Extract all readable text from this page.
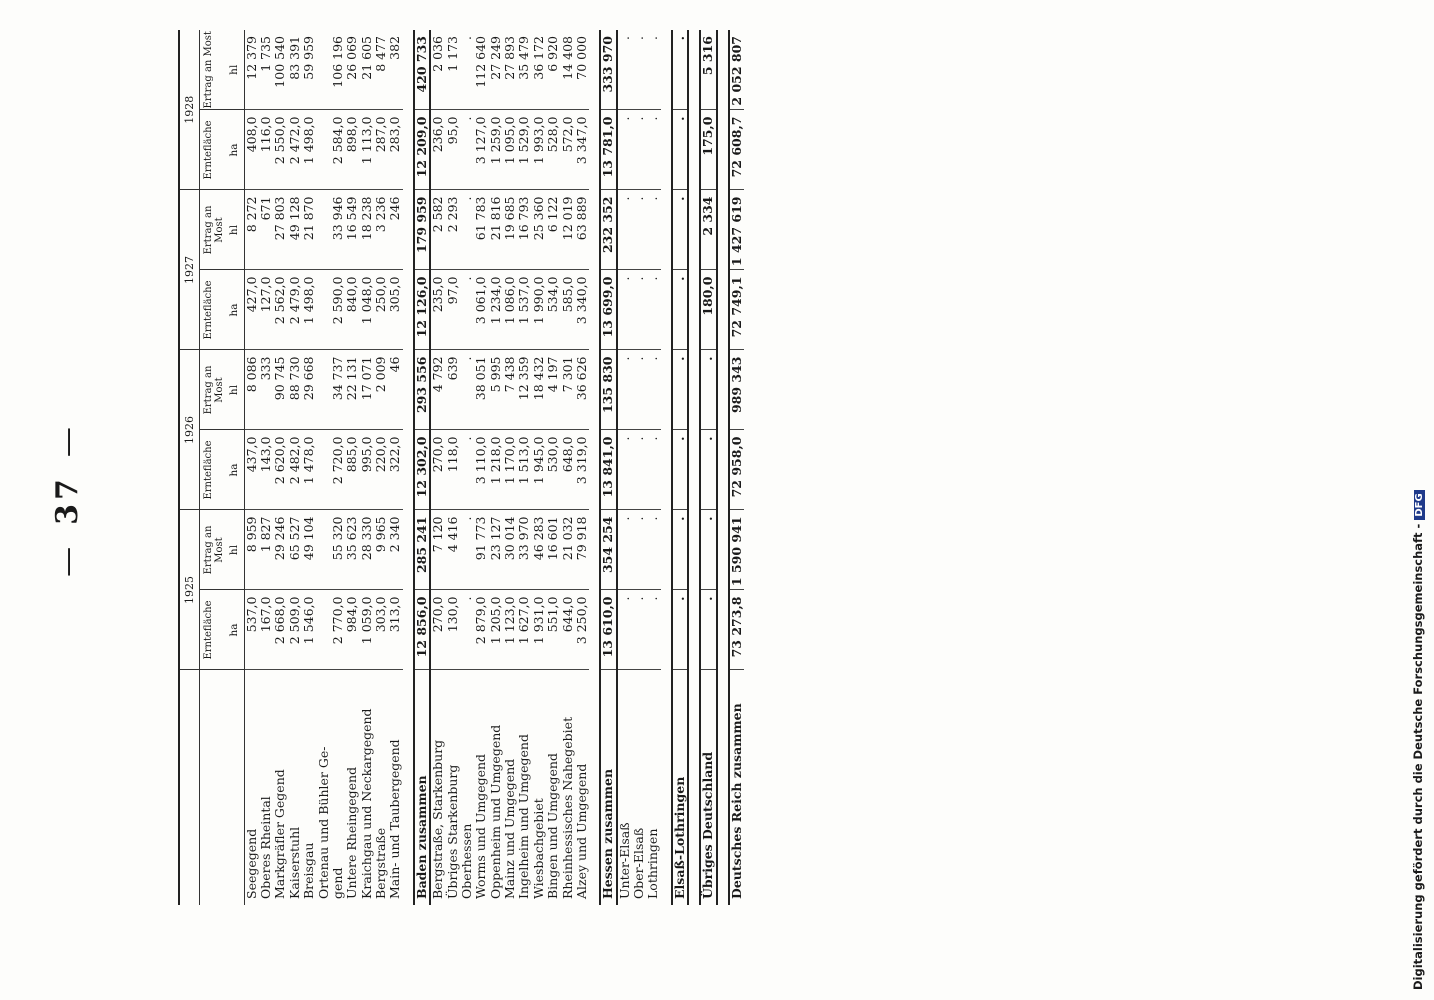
—37—
	1925		1926		1927		1928	
	Erntefläche	Ertrag an Most	Erntefläche	Ertrag an Most	Erntefläche	Ertrag an Most	Erntefläche	Ertrag an Most
	ha	hl	ha	hl	ha	hl	ha	hl
Seegegend	537,0	8 959	437,0	8 086	427,0	8 272	408,0	12 379
Oberes Rheintal	167,0	1 827	143,0	333	127,0	671	116,0	1 735
Markgräfler Gegend	2 668,0	29 246	2 620,0	90 745	2 562,0	27 803	2 550,0	100 540
Kaiserstuhl	2 509,0	65 527	2 482,0	88 730	2 479,0	49 128	2 472,0	83 391
Breisgau	1 546,0	49 104	1 478,0	29 668	1 498,0	21 870	1 498,0	59 959
Ortenau und Bühler Ge-								
gend	2 770,0	55 320	2 720,0	34 737	2 590,0	33 946	2 584,0	106 196
Untere Rheingegend	984,0	35 623	885,0	22 131	840,0	16 549	898,0	26 069
Kraichgau und Neckargegend	1 059,0	28 330	995,0	17 071	1 048,0	18 238	1 113,0	21 605
Bergstraße	303,0	9 965	220,0	2 009	250,0	3 236	287,0	8 477
Main- und Taubergegend	313,0	2 340	322,0	46	305,0	246	283,0	382

Baden zusammen	12 856,0	285 241	12 302,0	293 556	12 126,0	179 959	12 209,0	420 733
Bergstraße, Starkenburg	270,0	7 120	270,0	4 792	235,0	2 582	236,0	2 036
Übriges Starkenburg	130,0	4 416	118,0	639	97,0	2 293	95,0	1 173
Oberhessen	.	.	.	.	.	.	.	.
Worms und Umgegend	2 879,0	91 773	3 110,0	38 051	3 061,0	61 783	3 127,0	112 640
Oppenheim und Umgegend	1 205,0	23 127	1 218,0	5 995	1 234,0	21 816	1 259,0	27 249
Mainz und Umgegend	1 123,0	30 014	1 170,0	7 438	1 086,0	19 685	1 095,0	27 893
Ingelheim und Umgegend	1 627,0	33 970	1 513,0	12 359	1 537,0	16 793	1 529,0	35 479
Wiesbachgebiet	1 931,0	46 283	1 945,0	18 432	1 990,0	25 360	1 993,0	36 172
Bingen und Umgegend	551,0	16 601	530,0	4 197	534,0	6 122	528,0	6 920
Rheinhessisches Nahegebiet	644,0	21 032	648,0	7 301	585,0	12 019	572,0	14 408
Alzey und Umgegend	3 250,0	79 918	3 319,0	36 626	3 340,0	63 889	3 347,0	70 000

Hessen zusammen	13 610,0	354 254	13 841,0	135 830	13 699,0	232 352	13 781,0	333 970
Unter-Elsaß	.	.	.	.	.	.	.	.
Ober-Elsaß	.	.	.	.	.	.	.	.
Lothringen	.	.	.	.	.	.	.	.

Elsaß-Lothringen	.	.	.	.	.	.	.	.

Übriges Deutschland	.	.	.	.	180,0	2 334	175,0	5 316

Deutsches Reich zusammen	73 273,8	1 590 941	72 958,0	989 343	72 749,1	1 427 619	72 608,7	2 052 807
Digitalisierung gefördert durch die Deutsche Forschungsgemeinschaft -DFG
